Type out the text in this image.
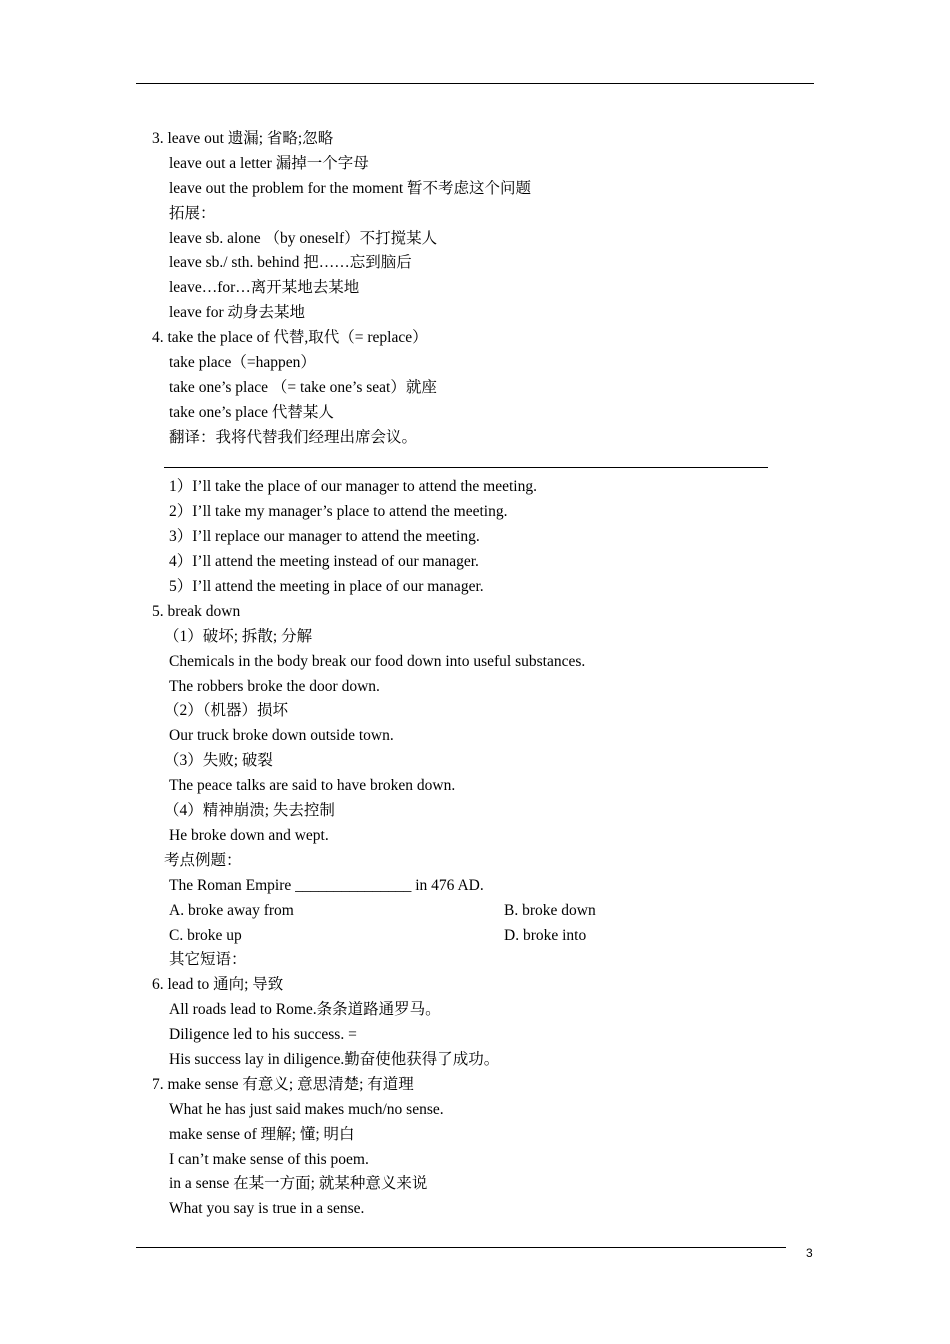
3. leave out 遗漏; 省略;忽略
leave out a letter 漏掉一个字母
leave out the problem for the moment 暂不考虑这个问题
拓展：
leave sb. alone （by oneself）不打搅某人
leave sb./ sth. behind 把……忘到脑后
leave…for…离开某地去某地
leave for 动身去某地
4. take the place of 代替,取代（= replace）
take place（=happen）
take one’s place （= take one’s seat）就座
take one’s place 代替某人
翻译：我将代替我们经理出席会议。
1）I’ll take the place of our manager to attend the meeting.
2）I’ll take my manager’s place to attend the meeting.
3）I’ll replace our manager to attend the meeting.
4）I’ll attend the meeting instead of our manager.
5）I’ll attend the meeting in place of our manager.
5. break down
（1）破坏; 拆散; 分解
Chemicals in the body break our food down into useful substances.
The robbers broke the door down.
（2）（机器）损坏
Our truck broke down outside town.
（3）失败; 破裂
The peace talks are said to have broken down.
（4）精神崩溃; 失去控制
He broke down and wept.
考点例题：
The Roman Empire _______________ in 476 AD.
A. broke away from	B. broke down
C. broke up	D. broke into
其它短语：
6. lead to 通向; 导致
All roads lead to Rome.条条道路通罗马。
Diligence led to his success. =
His success lay in diligence.勤奋使他获得了成功。
7. make sense 有意义; 意思清楚; 有道理
What he has just said makes much/no sense.
make sense of 理解; 懂; 明白
I can’t make sense of this poem.
in a sense 在某一方面; 就某种意义来说
What you say is true in a sense.
3
